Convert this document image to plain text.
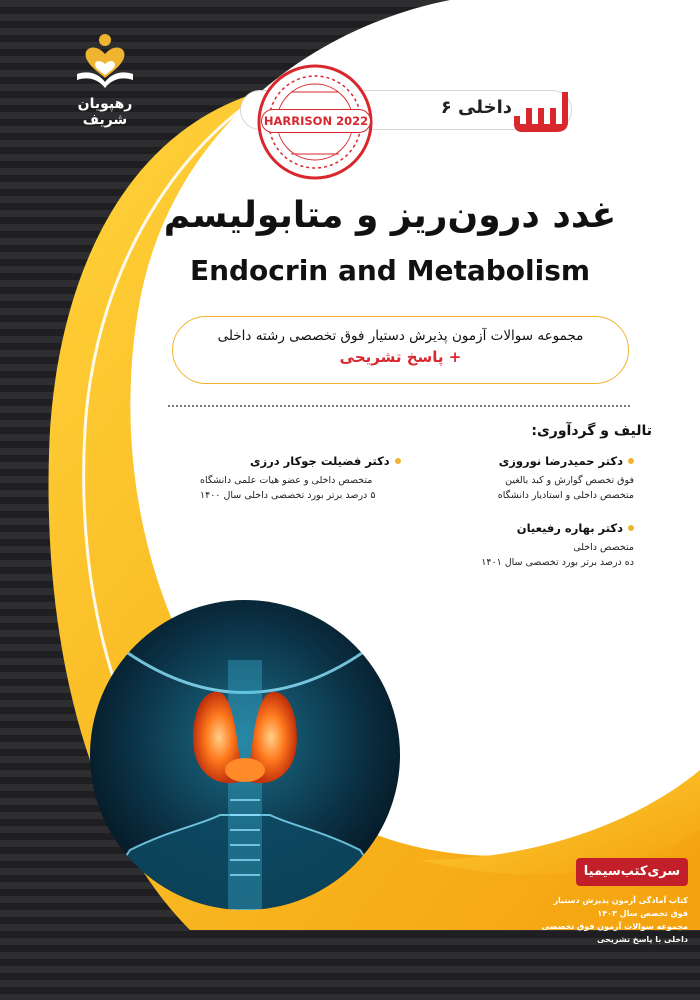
رهپویان شریف
داخلی ۶
HARRISON 2022
غدد درون‌ریز و متابولیسم
Endocrin and Metabolism
مجموعه سوالات آزمون پذیرش دستیار فوق تخصصی رشته داخلی
+ پاسخ تشریحی
تالیف و گردآوری:
دکتر حمیدرضا نوروزی
فوق تخصص گوارش و کبد بالغین
متخصص داخلی و استادیار دانشگاه
دکتر بهاره رفیعیان
متخصص داخلی
ده درصد برتر بورد تخصصی سال ۱۴۰۱
دکتر فضیلت جوکار درزی
متخصص داخلی و عضو هیات علمی دانشگاه
۵ درصد برتر بورد تخصصی داخلی سال ۱۴۰۰
سری‌کتب‌سیمیا
کتاب آمادگی آزمون پذیرش دستیار
فوق تخصص سال ۱۴۰۳
مجموعه سوالات آزمون فوق تخصصی
داخلی با پاسخ تشریحی
